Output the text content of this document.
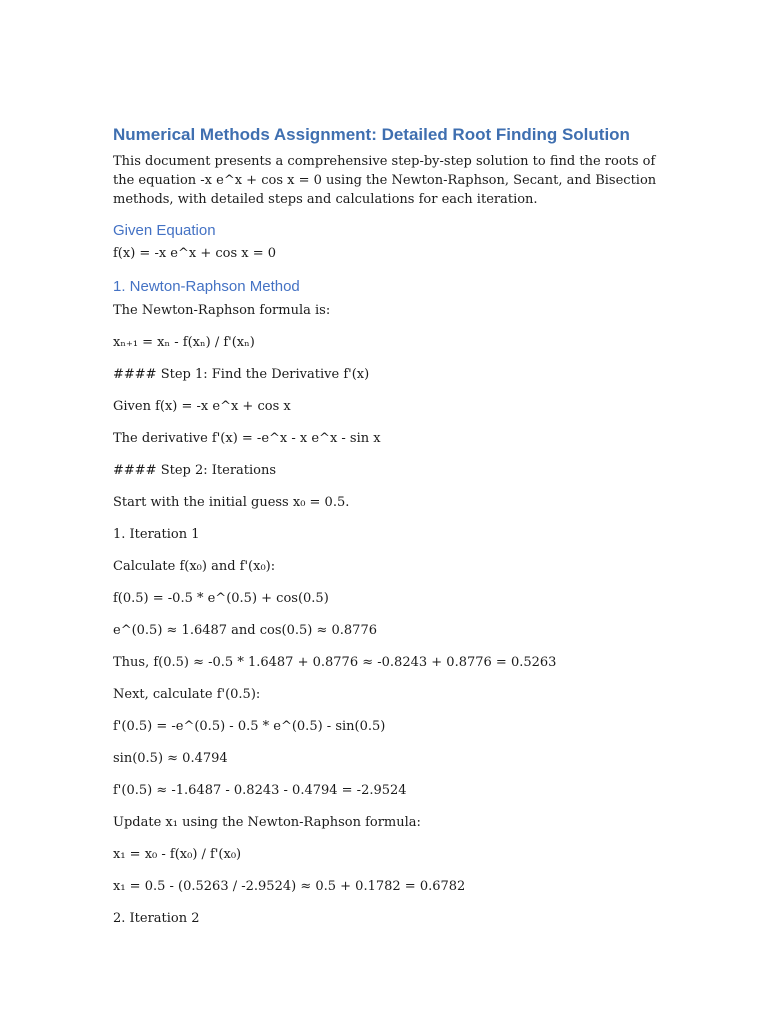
Numerical Methods Assignment: Detailed Root Finding Solution

This document presents a comprehensive step-by-step solution to find the roots of the equation -x e^x + cos x = 0 using the Newton-Raphson, Secant, and Bisection methods, with detailed steps and calculations for each iteration.

Given Equation

f(x) = -x e^x + cos x = 0

1. Newton-Raphson Method

The Newton-Raphson formula is:

xₙ₊₁ = xₙ - f(xₙ) / f'(xₙ)

#### Step 1: Find the Derivative f'(x)

Given f(x) = -x e^x + cos x

The derivative f'(x) = -e^x - x e^x - sin x

#### Step 2: Iterations

Start with the initial guess x₀ = 0.5.

1. Iteration 1

Calculate f(x₀) and f'(x₀):

f(0.5) = -0.5 * e^(0.5) + cos(0.5)

e^(0.5) ≈ 1.6487 and cos(0.5) ≈ 0.8776

Thus, f(0.5) ≈ -0.5 * 1.6487 + 0.8776 ≈ -0.8243 + 0.8776 = 0.5263

Next, calculate f'(0.5):

f'(0.5) = -e^(0.5) - 0.5 * e^(0.5) - sin(0.5)

sin(0.5) ≈ 0.4794

f'(0.5) ≈ -1.6487 - 0.8243 - 0.4794 = -2.9524

Update x₁ using the Newton-Raphson formula:

x₁ = x₀ - f(x₀) / f'(x₀)

x₁ = 0.5 - (0.5263 / -2.9524) ≈ 0.5 + 0.1782 = 0.6782

2. Iteration 2
